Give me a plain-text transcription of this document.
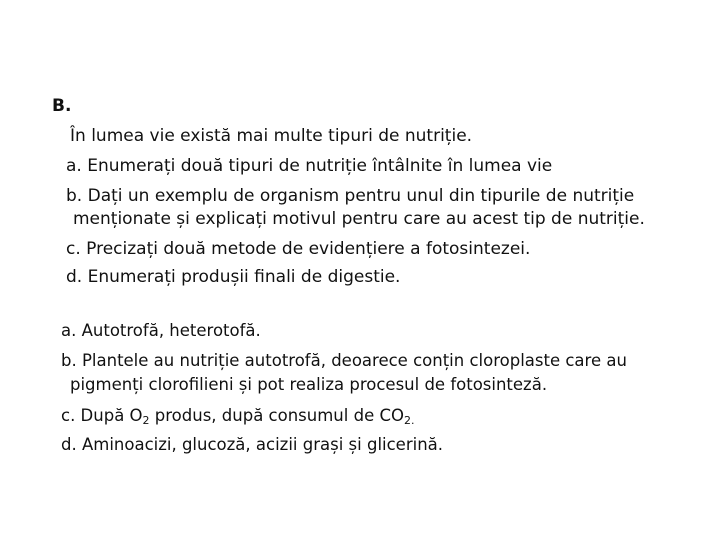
B.
În lumea vie există mai multe tipuri de nutriție.
a. Enumerați două tipuri de nutriție întâlnite în lumea vie
b. Dați un exemplu de organism pentru unul din tipurile de nutriție
menționate și explicați motivul pentru care au acest tip de nutriție.
c. Precizați două metode de evidențiere a fotosintezei.
d. Enumerați produșii finali de digestie.
a. Autotrofă, heterotofă.
b. Plantele au nutriție autotrofă, deoarece conțin cloroplaste care au
pigmenți clorofilieni și pot realiza procesul de fotosinteză.
c. După $O_2$ produs, după consumul de $CO_{2.}$
d. Aminoacizi, glucoză, acizii grași și glicerină.
